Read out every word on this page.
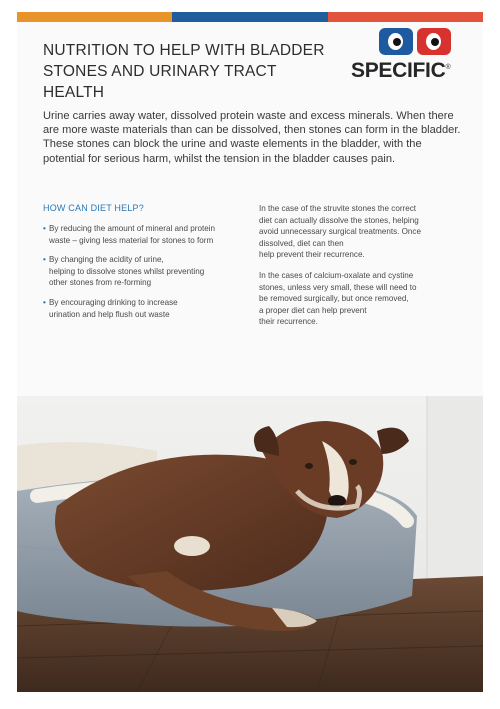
NUTRITION TO HELP WITH BLADDER STONES AND URINARY TRACT HEALTH
SPECIFIC®

Urine carries away water, dissolved protein waste and excess minerals. When there are more waste materials than can be dissolved, then stones can form in the bladder. These stones can block the urine and waste elements in the bladder, with the potential for serious harm, whilst the tension in the bladder causes pain.

HOW CAN DIET HELP?
• By reducing the amount of mineral and protein
waste – giving less material for stones to form
• By changing the acidity of urine,
helping to dissolve stones whilst preventing
other stones from re-forming
• By encouraging drinking to increase
urination and help flush out waste

In the case of the struvite stones the correct
diet can actually dissolve the stones, helping
avoid unnecessary surgical treatments. Once
dissolved, diet can then
help prevent their recurrence.

In the cases of calcium-oxalate and cystine
stones, unless very small, these will need to
be removed surgically, but once removed,
a proper diet can help prevent
their recurrence.
